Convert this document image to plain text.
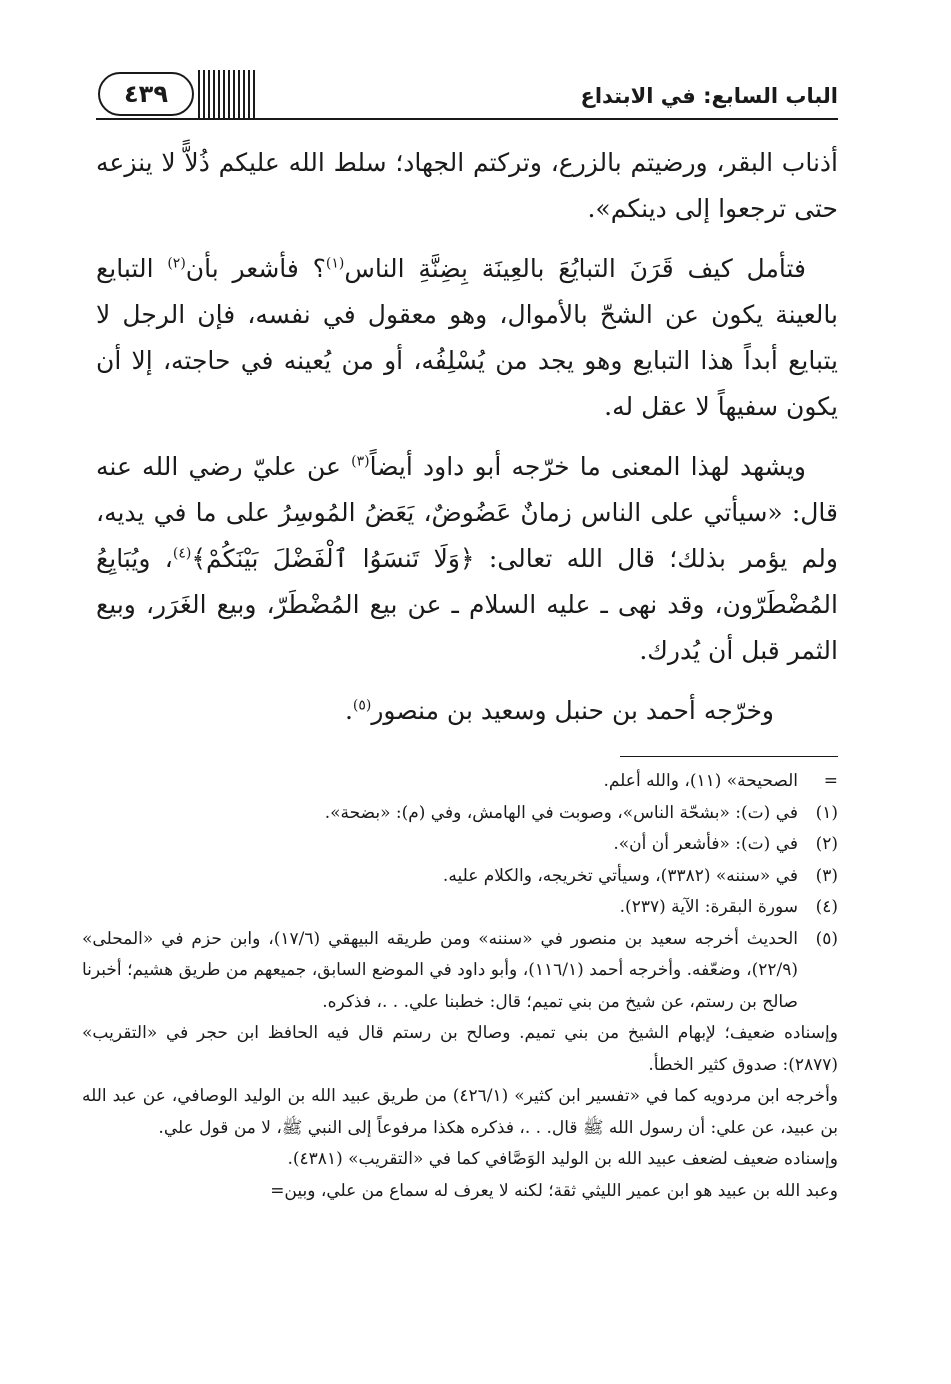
٤٣٩	الباب السابع: في الابتداع

أذناب البقر، ورضيتم بالزرع، وتركتم الجهاد؛ سلط الله عليكم ذُلاًّ لا ينزعه حتى ترجعوا إلى دينكم».

فتأمل كيف قَرَنَ التبايُعَ بالعِينَة بِضِنَّةِ الناس$^{(١)}$؟ فأشعر بأن$^{(٢)}$ التبايع بالعينة يكون عن الشحّ بالأموال، وهو معقول في نفسه، فإن الرجل لا يتبايع أبداً هذا التبايع وهو يجد من يُسْلِفُه، أو من يُعينه في حاجته، إلا أن يكون سفيهاً لا عقل له.

ويشهد لهذا المعنى ما خرّجه أبو داود أيضاً$^{(٣)}$ عن عليّ رضي الله عنه قال: «سيأتي على الناس زمانٌ عَضُوضٌ، يَعَضُ المُوسِرُ على ما في يديه، ولم يؤمر بذلك؛ قال الله تعالى: ﴿وَلَا تَنسَوُا ٱلْفَضْلَ بَيْنَكُمْ﴾$^{(٤)}$، ويُبَايِعُ المُضْطَرّون، وقد نهى ـ عليه السلام ـ عن بيع المُضْطَرّ، وبيع الغَرَر، وبيع الثمر قبل أن يُدرك.

وخرّجه أحمد بن حنبل وسعيد بن منصور$^{(٥)}$.

=
الصحيحة» (١١)، والله أعلم.
(١)
في (ت): «بشحّة الناس»، وصوبت في الهامش، وفي (م): «بضحة».
(٢)
في (ت): «فأشعر أن أن».
(٣)
في «سننه» (٣٣٨٢)، وسيأتي تخريجه، والكلام عليه.
(٤)
سورة البقرة: الآية (٢٣٧).
(٥)
الحديث أخرجه سعيد بن منصور في «سننه» ومن طريقه البيهقي (١٧/٦)، وابن حزم في «المحلى» (٢٢/٩)، وضعّفه. وأخرجه أحمد (١١٦/١)، وأبو داود في الموضع السابق، جميعهم من طريق هشيم؛ أخبرنا صالح بن رستم، عن شيخ من بني تميم؛ قال: خطبنا علي. . .، فذكره.
وإسناده ضعيف؛ لإبهام الشيخ من بني تميم. وصالح بن رستم قال فيه الحافظ ابن حجر في «التقريب» (٢٨٧٧): صدوق كثير الخطأ.
وأخرجه ابن مردويه كما في «تفسير ابن كثير» (٤٢٦/١) من طريق عبيد الله بن الوليد الوصافي، عن عبد الله بن عبيد، عن علي: أن رسول الله ﷺ قال. . .، فذكره هكذا مرفوعاً إلى النبي ﷺ، لا من قول علي.
وإسناده ضعيف لضعف عبيد الله بن الوليد الوَصَّافي كما في «التقريب» (٤٣٨١).
وعبد الله بن عبيد هو ابن عمير الليثي ثقة؛ لكنه لا يعرف له سماع من علي، وبين=
